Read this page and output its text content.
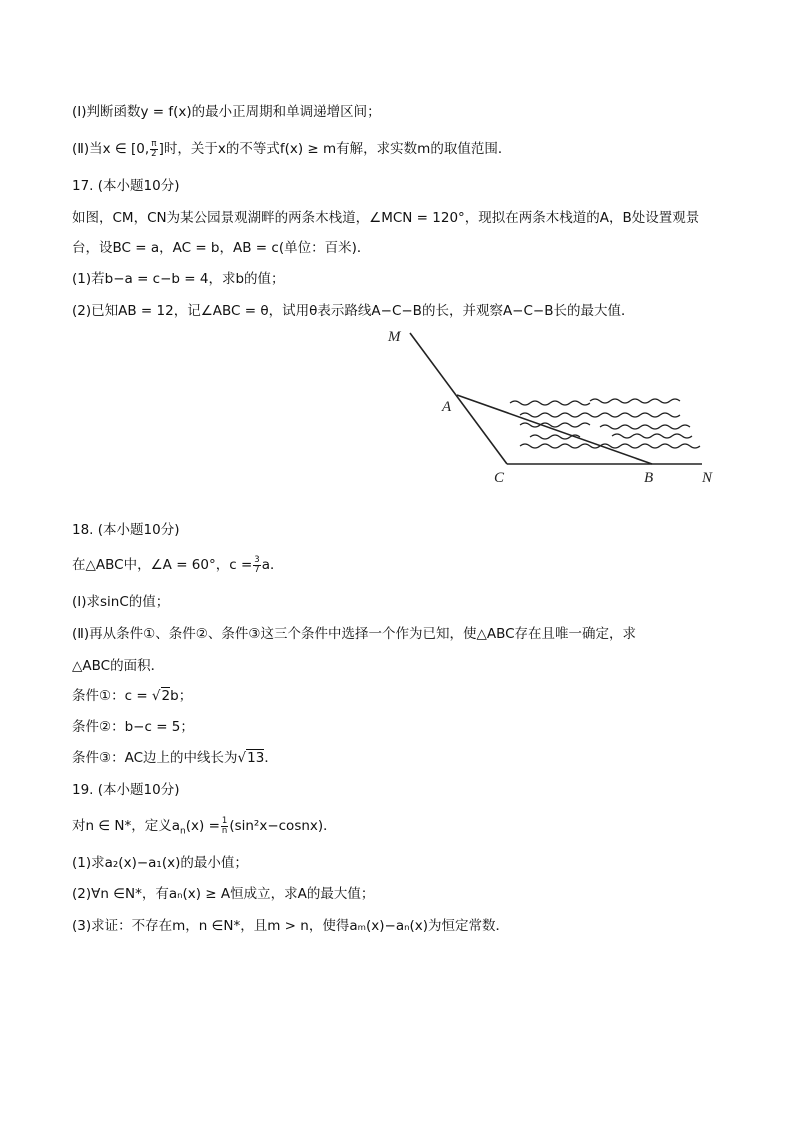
(Ⅰ)判断函数y = f(x)的最小正周期和单调递增区间；
(Ⅱ)当x ∈ [0, $\frac{\pi}{2}$ ]时，关于x的不等式f(x) ≥ m有解，求实数m的取值范围．
17. (本小题10分)
如图，CM，CN为某公园景观湖畔的两条木栈道，∠MCN = 120°，现拟在两条木栈道的A，B处设置观景
台，设BC = a，AC = b，AB = c(单位：百米)．
(1)若b−a = c−b = 4，求b的值；
(2)已知AB = 12，记∠ABC = θ，试用θ表示路线A−C−B的长，并观察A−C−B长的最大值．
M
A
C	B	N
18. (本小题10分)
在△ABC中，∠A = 60°，$c = \frac{3}{7}$ a．
(Ⅰ)求sinC的值；
(Ⅱ)再从条件①、条件②、条件③这三个条件中选择一个作为已知，使△ABC存在且唯一确定，求
△ABC的面积．
条件①：c = √2b；
条件②：b−c = 5；
条件③：AC边上的中线长为√13．
19. (本小题10分)
对n ∈ N*，定义$a_n(x) = \frac{1}{n}$ (sin²x−cosnx)．
(1)求a₂(x)−a₁(x)的最小值；
(2)∀n ∈N*，有aₙ(x) ≥ A恒成立，求A的最大值；
(3)求证：不存在m，n ∈N*，且m > n，使得aₘ(x)−aₙ(x)为恒定常数．
